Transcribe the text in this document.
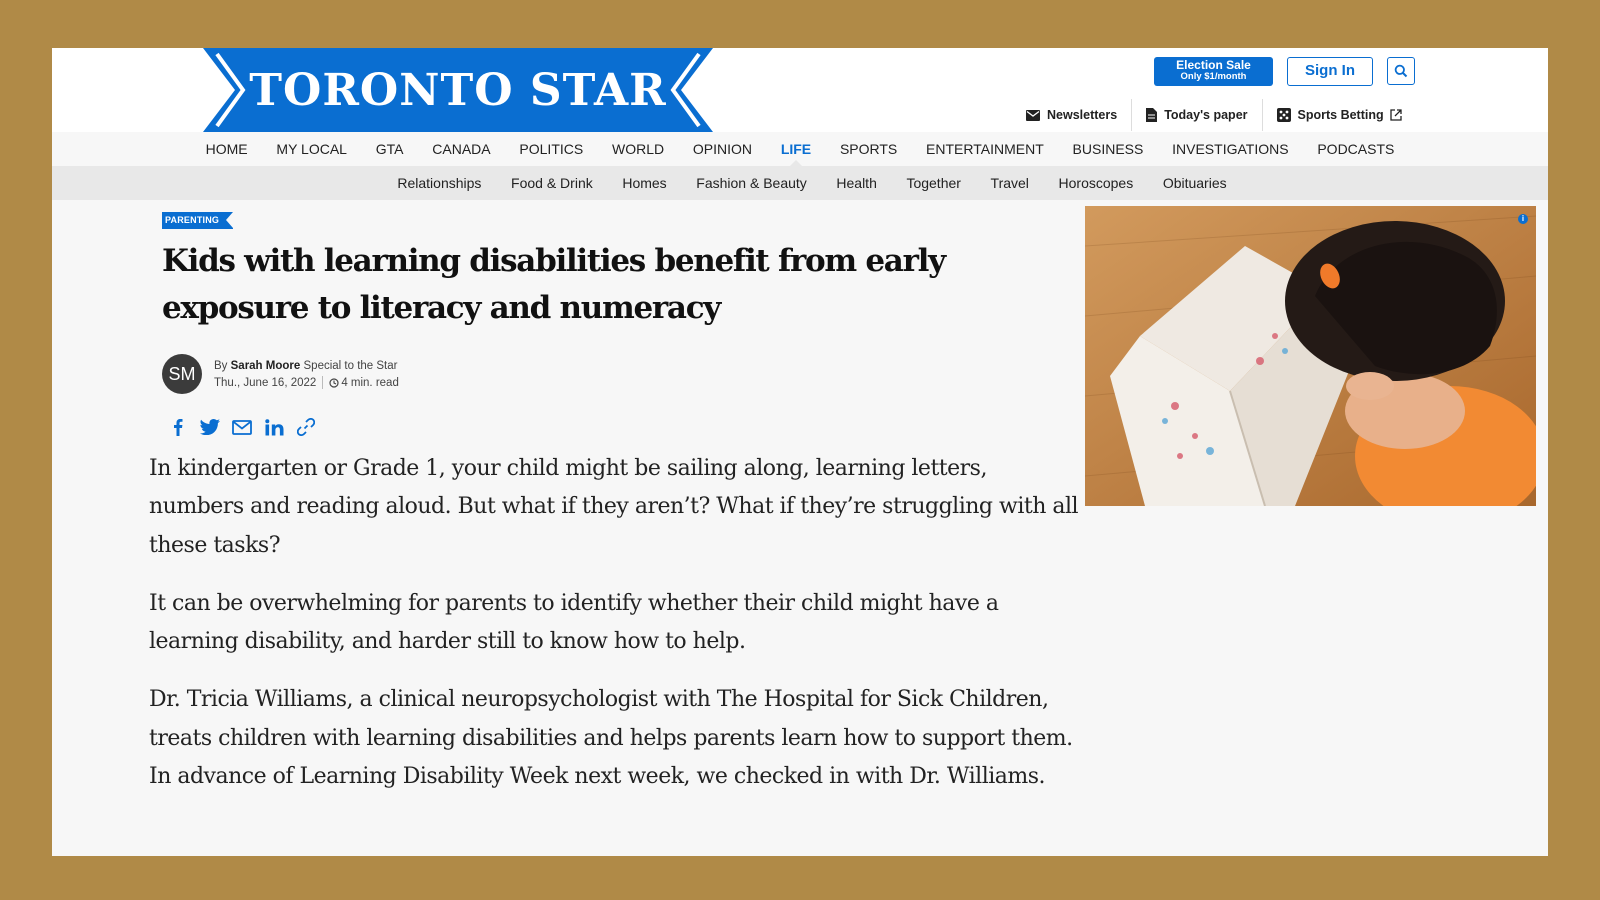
TORONTO STAR	Election Sale
Only $1/month	Sign In
Newsletters	Today's paper	Sports Betting
HOME	MY LOCAL	GTA	CANADA	POLITICS	WORLD	OPINION	LIFE	SPORTS	ENTERTAINMENT	BUSINESS	INVESTIGATIONS	PODCASTS
Relationships	Food & Drink	Homes	Fashion & Beauty	Health	Together	Travel	Horoscopes	Obituaries
PARENTING
Kids with learning disabilities benefit from early exposure to literacy and numeracy
SM	By Sarah Moore Special to the Star
Thu., June 16, 2022 4 min. read

In kindergarten or Grade 1, your child might be sailing along, learning letters, numbers and reading aloud. But what if they aren’t? What if they’re struggling with all these tasks?

It can be overwhelming for parents to identify whether their child might have a learning disability, and harder still to know how to help.

Dr. Tricia Williams, a clinical neuropsychologist with The Hospital for Sick Children, treats children with learning disabilities and helps parents learn how to support them. In advance of Learning Disability Week next week, we checked in with Dr. Williams.

i
